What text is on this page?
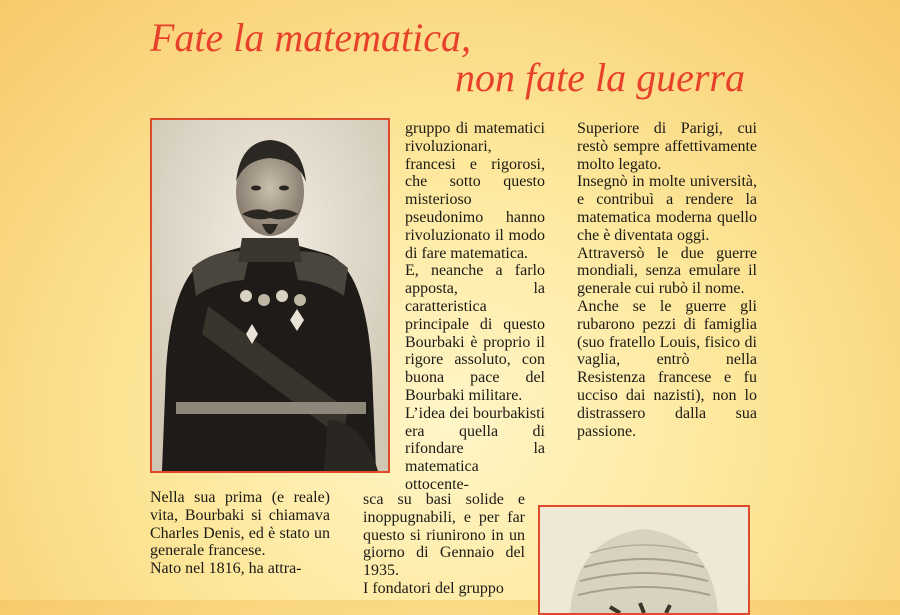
Fate la matematica,
non fate la guerra

Nella sua prima (e reale) vita, Bourbaki si chiamava Charles Denis, ed è stato un generale francese.

Nato nel 1816, ha attra-

gruppo di matematici rivoluzionari, francesi e rigorosi, che sotto questo misterioso pseudonimo hanno rivoluzionato il modo di fare matematica.

E, neanche a farlo apposta, la caratteristica principale di questo Bourbaki è proprio il rigore assoluto, con buona pace del Bourbaki militare.

L’idea dei bourbakisti era quella di rifondare la matematica ottocente-

sca su basi solide e inoppugnabili, e per far questo si riunirono in un giorno di Gennaio del 1935.

I fondatori del gruppo

Superiore di Parigi, cui restò sempre affettivamente molto legato.

Insegnò in molte università, e contribuì a rendere la matematica moderna quello che è diventata oggi.

Attraversò le due guerre mondiali, senza emulare il generale cui rubò il nome.

Anche se le guerre gli rubarono pezzi di famiglia (suo fratello Louis, fisico di vaglia, entrò nella Resistenza francese e fu ucciso dai nazisti), non lo distrassero dalla sua passione.
